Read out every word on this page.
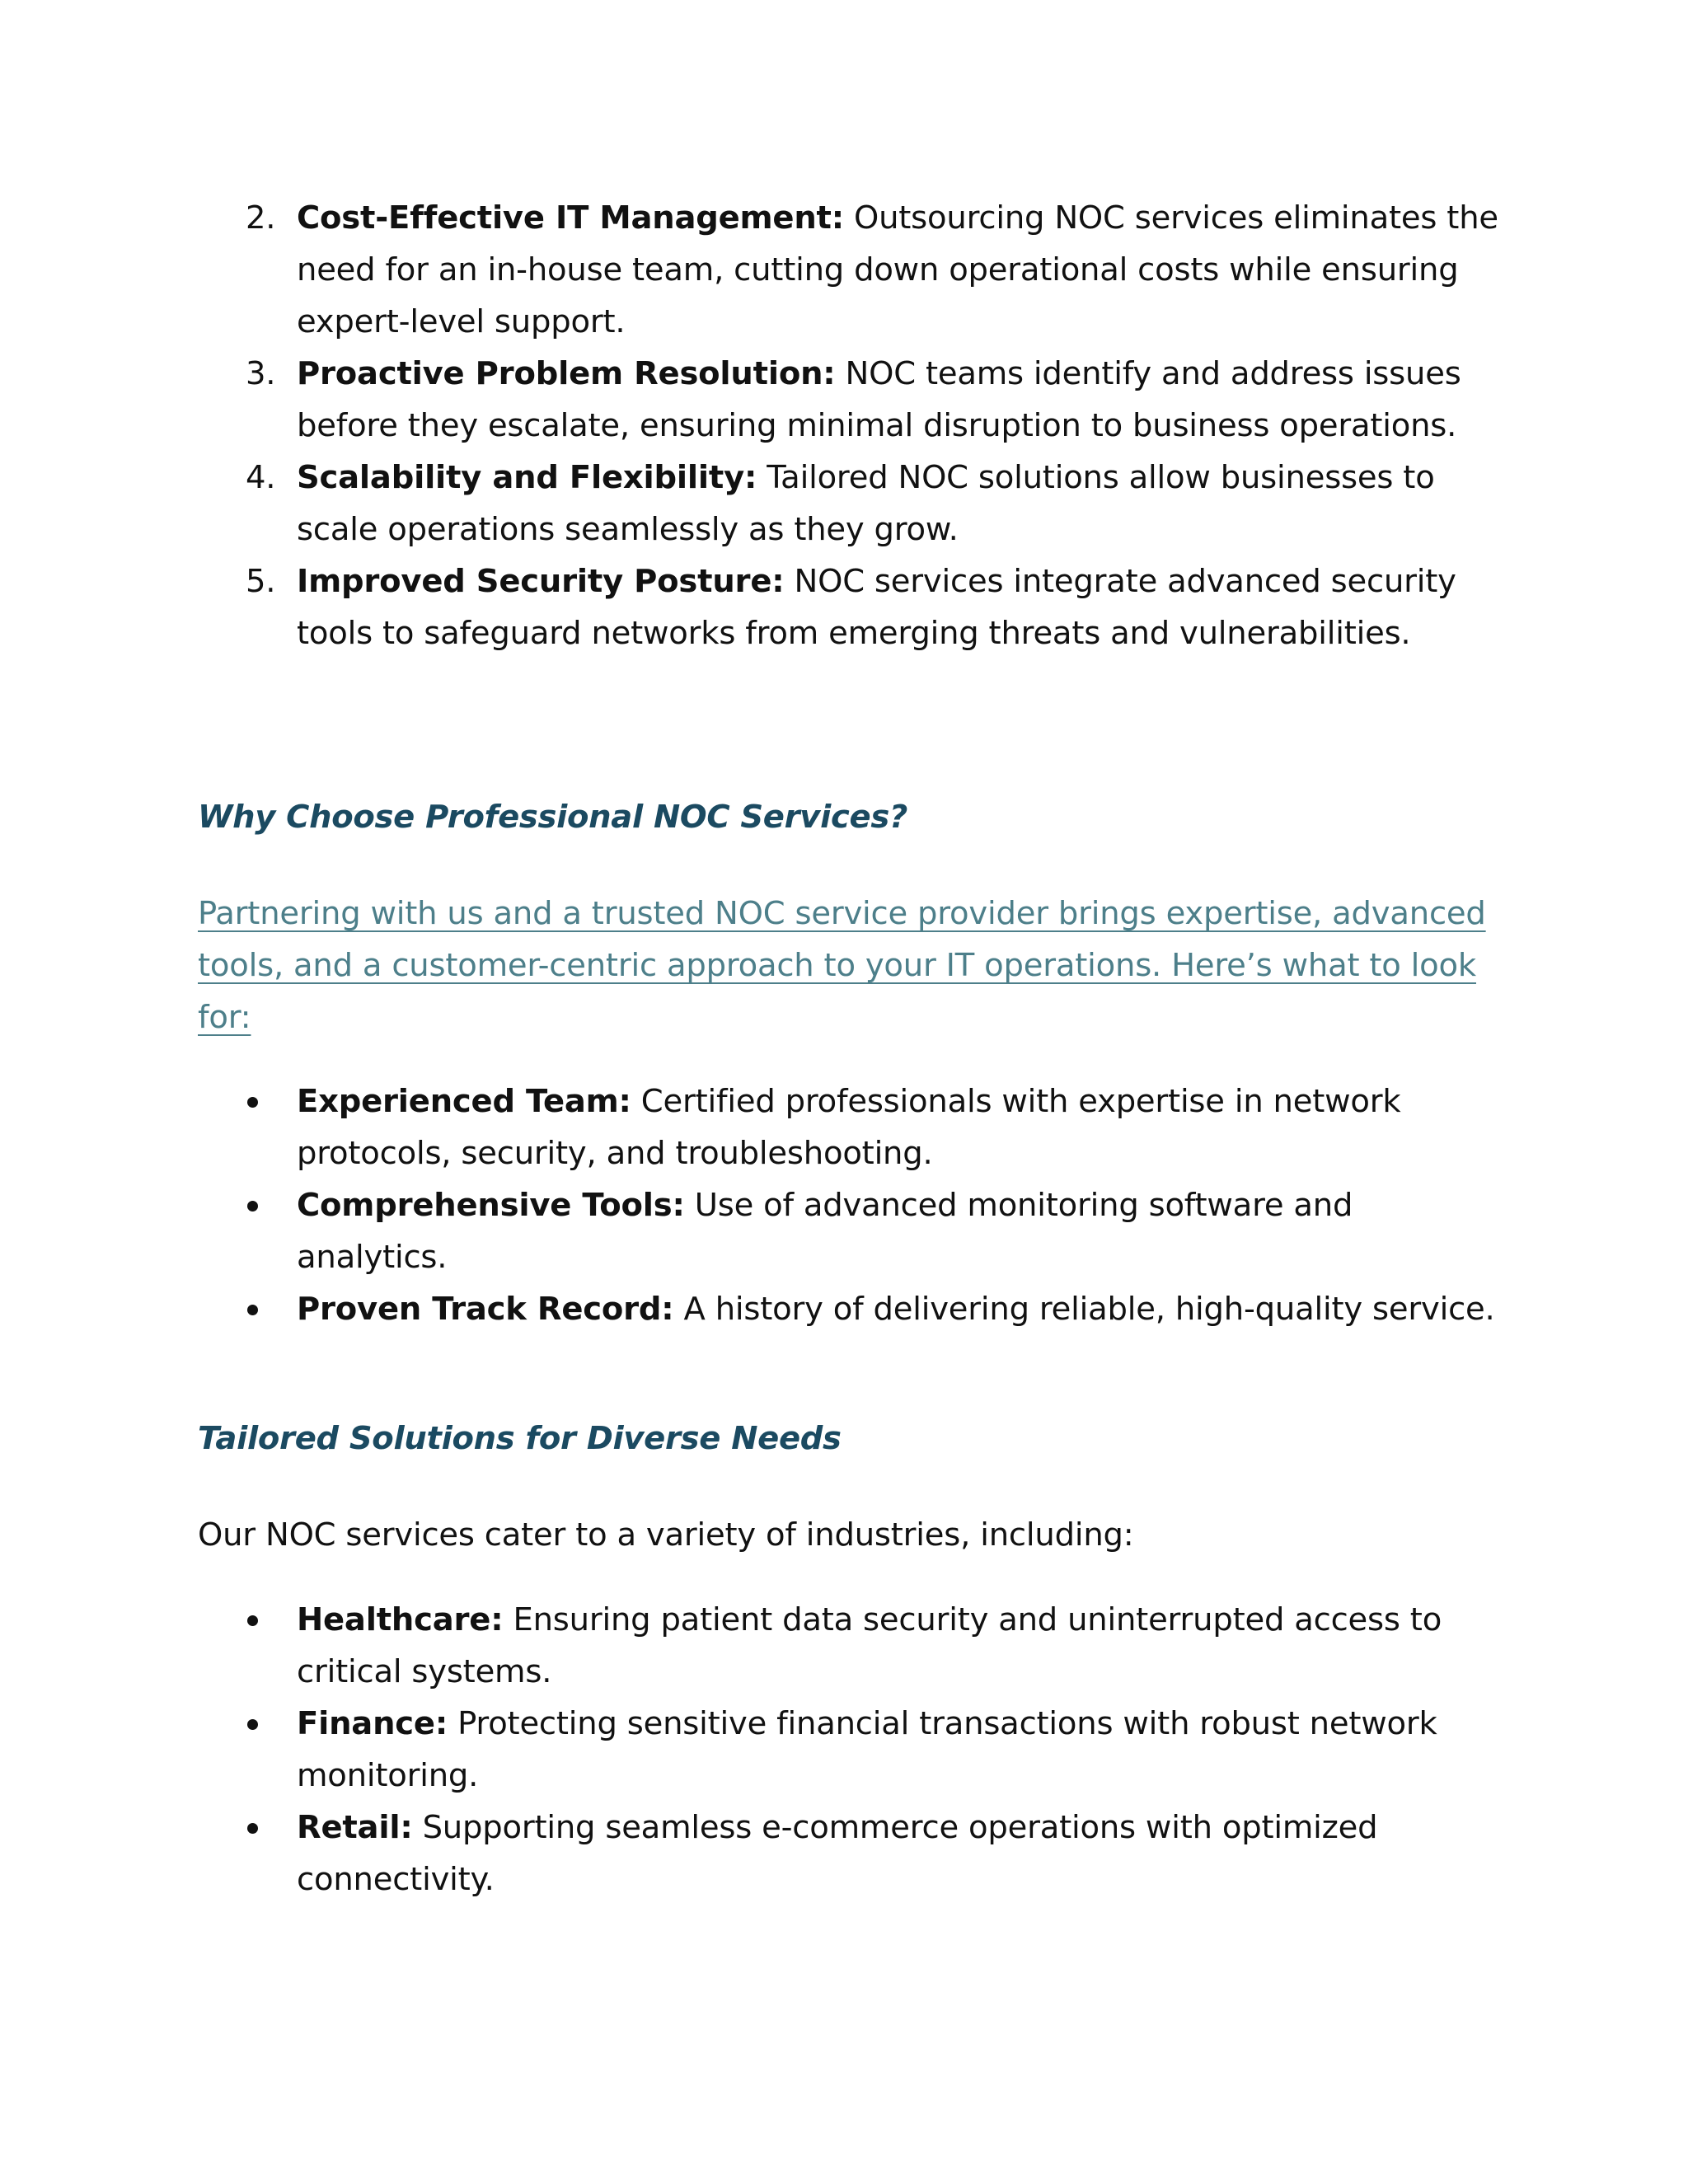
2. Cost-Effective IT Management: Outsourcing NOC services eliminates the need for an in-house team, cutting down operational costs while ensuring expert-level support.
3. Proactive Problem Resolution: NOC teams identify and address issues before they escalate, ensuring minimal disruption to business operations.
4. Scalability and Flexibility: Tailored NOC solutions allow businesses to scale operations seamlessly as they grow.
5. Improved Security Posture: NOC services integrate advanced security tools to safeguard networks from emerging threats and vulnerabilities.
Why Choose Professional NOC Services?
Partnering with us and a trusted NOC service provider brings expertise, advanced tools, and a customer-centric approach to your IT operations. Here’s what to look for:
Experienced Team: Certified professionals with expertise in network protocols, security, and troubleshooting.
Comprehensive Tools: Use of advanced monitoring software and analytics.
Proven Track Record: A history of delivering reliable, high-quality service.
Tailored Solutions for Diverse Needs
Our NOC services cater to a variety of industries, including:
Healthcare: Ensuring patient data security and uninterrupted access to critical systems.
Finance: Protecting sensitive financial transactions with robust network monitoring.
Retail: Supporting seamless e-commerce operations with optimized connectivity.
